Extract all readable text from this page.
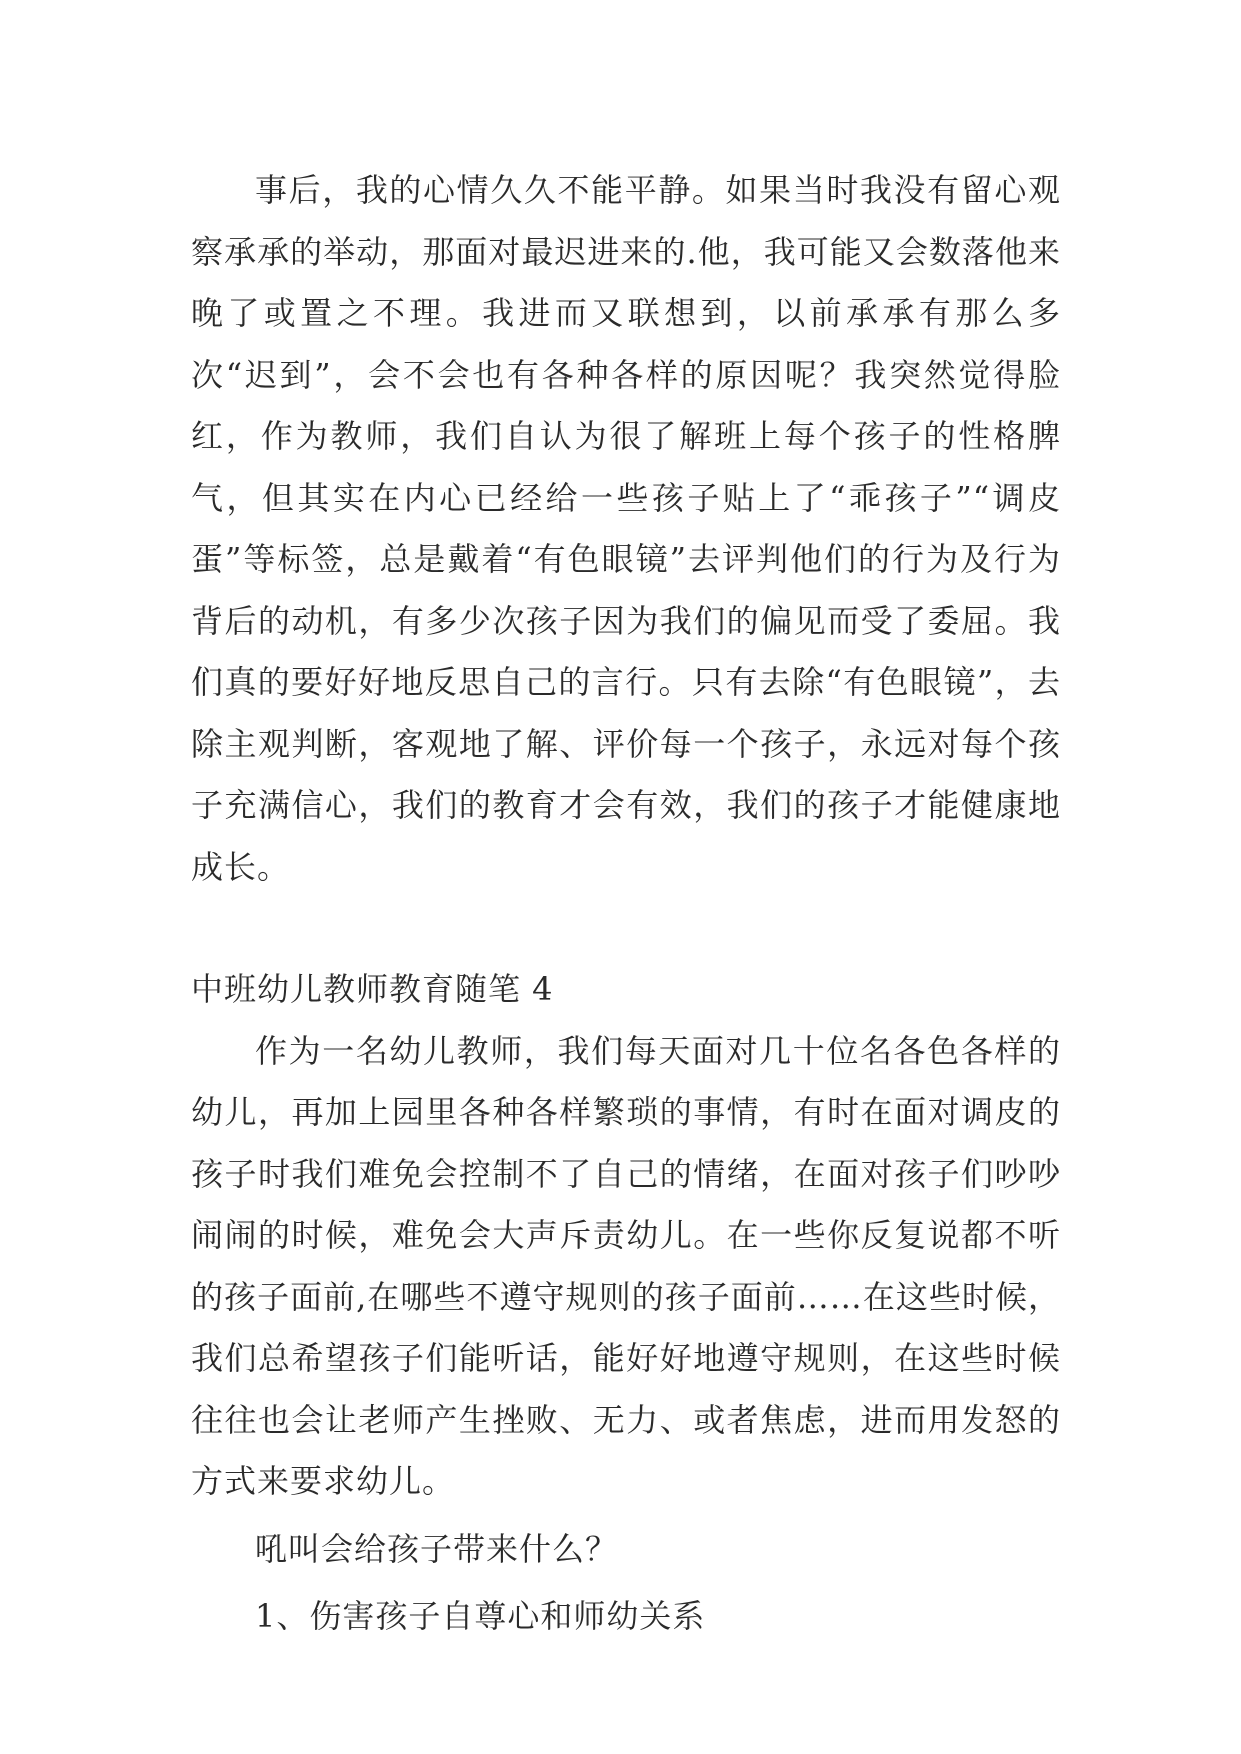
事后，我的心情久久不能平静。如果当时我没有留心观察承承的举动，那面对最迟进来的.他，我可能又会数落他来晚了或置之不理。我进而又联想到，以前承承有那么多次“迟到”，会不会也有各种各样的原因呢？我突然觉得脸红，作为教师，我们自认为很了解班上每个孩子的性格脾气，但其实在内心已经给一些孩子贴上了“乖孩子”“调皮蛋”等标签，总是戴着“有色眼镜”去评判他们的行为及行为背后的动机，有多少次孩子因为我们的偏见而受了委屈。我们真的要好好地反思自己的言行。只有去除“有色眼镜”，去除主观判断，客观地了解、评价每一个孩子，永远对每个孩子充满信心，我们的教育才会有效，我们的孩子才能健康地成长。

中班幼儿教师教育随笔 4

作为一名幼儿教师，我们每天面对几十位名各色各样的幼儿，再加上园里各种各样繁琐的事情，有时在面对调皮的孩子时我们难免会控制不了自己的情绪，在面对孩子们吵吵闹闹的时候，难免会大声斥责幼儿。在一些你反复说都不听的孩子面前,在哪些不遵守规则的孩子面前……在这些时候，我们总希望孩子们能听话，能好好地遵守规则，在这些时候往往也会让老师产生挫败、无力、或者焦虑，进而用发怒的方式来要求幼儿。

吼叫会给孩子带来什么？

1、伤害孩子自尊心和师幼关系
